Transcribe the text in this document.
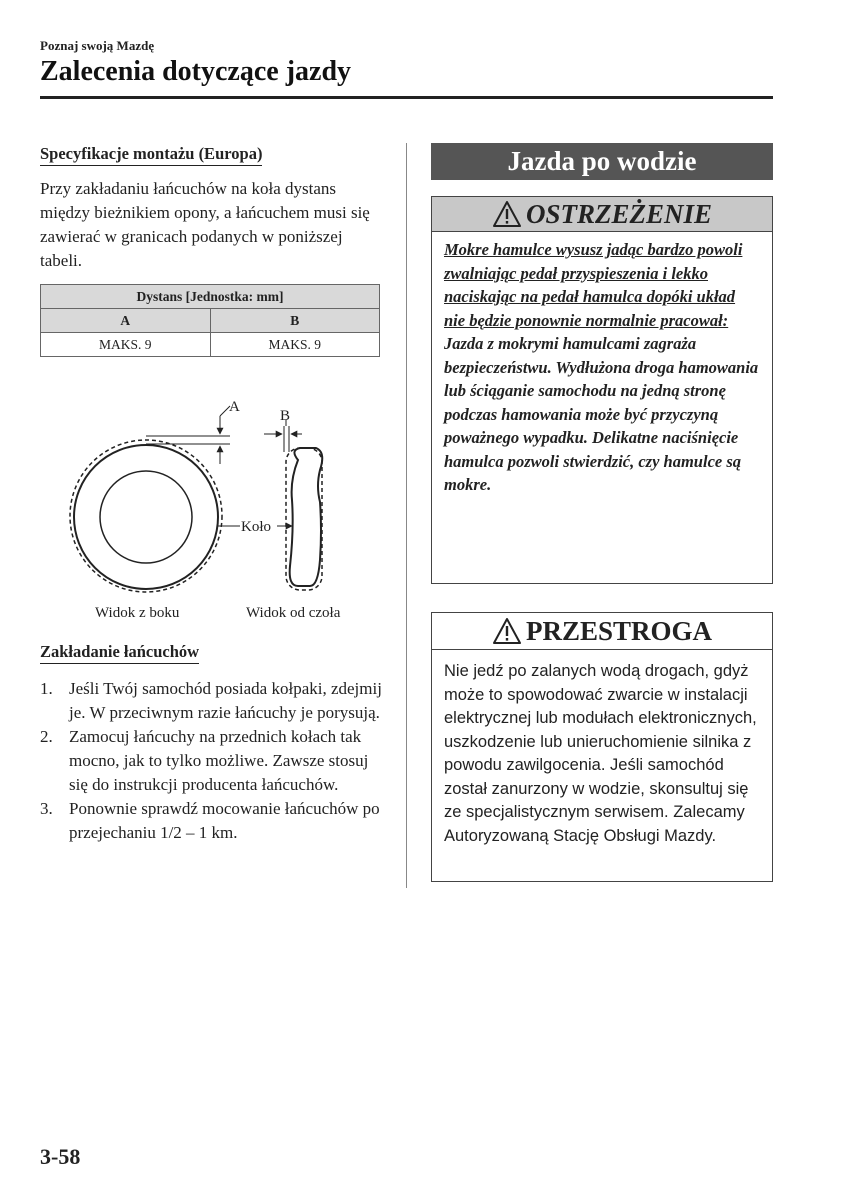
Poznaj swoją Mazdę
Zalecenia dotyczące jazdy
Specyfikacje montażu (Europa)
Przy zakładaniu łańcuchów na koła dystans między bieżnikiem opony, a łańcuchem musi się zawierać w granicach podanych w poniższej tabeli.
Dystans [Jednostka: mm]	
A	B
MAKS. 9	MAKS. 9
A
B
Koło
Widok z boku	Widok od czoła
Zakładanie łańcuchów
1. Jeśli Twój samochód posiada kołpaki, zdejmij je. W przeciwnym razie łańcuchy je porysują.
2. Zamocuj łańcuchy na przednich kołach tak mocno, jak to tylko możliwe. Zawsze stosuj się do instrukcji producenta łańcuchów.
3. Ponownie sprawdź mocowanie łańcuchów po przejechaniu 1/2 – 1 km.
Jazda po wodzie
OSTRZEŻENIE
Mokre hamulce wysusz jadąc bardzo powoli zwalniając pedał przyspieszenia i lekko naciskając na pedał hamulca dopóki układ nie będzie ponownie normalnie pracował:
Jazda z mokrymi hamulcami zagraża bezpieczeństwu. Wydłużona droga hamowania lub ściąganie samochodu na jedną stronę podczas hamowania może być przyczyną poważnego wypadku. Delikatne naciśnięcie hamulca pozwoli stwierdzić, czy hamulce są mokre.
PRZESTROGA
Nie jedź po zalanych wodą drogach, gdyż może to spowodować zwarcie w instalacji elektrycznej lub modułach elektronicznych, uszkodzenie lub unieruchomienie silnika z powodu zawilgocenia. Jeśli samochód został zanurzony w wodzie, skonsultuj się ze specjalistycznym serwisem. Zalecamy Autoryzowaną Stację Obsługi Mazdy.
3-58
